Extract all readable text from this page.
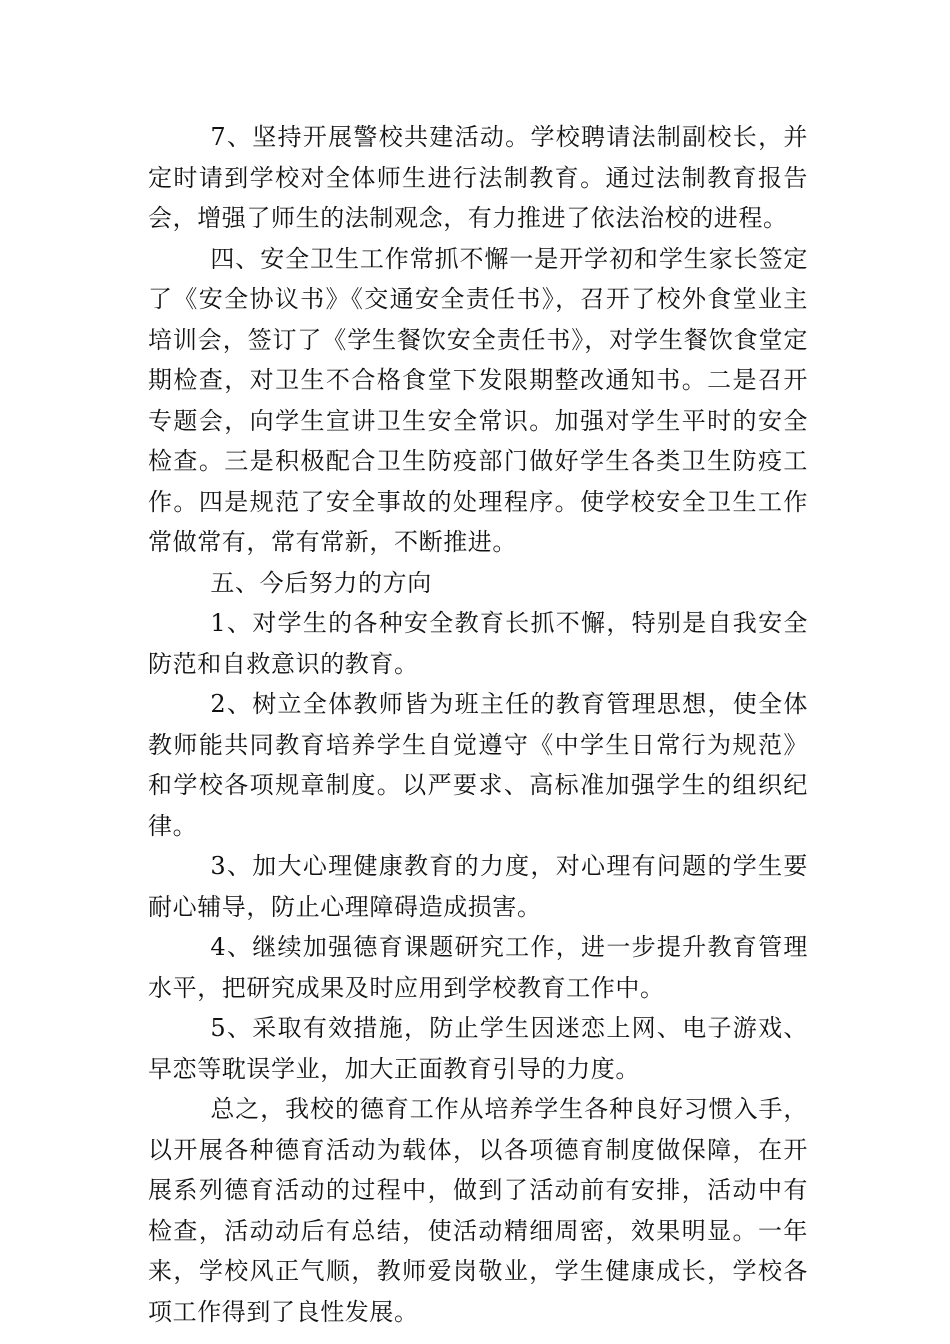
7、坚持开展警校共建活动。学校聘请法制副校长，并定时请到学校对全体师生进行法制教育。通过法制教育报告会，增强了师生的法制观念，有力推进了依法治校的进程。

四、安全卫生工作常抓不懈一是开学初和学生家长签定了《安全协议书》《交通安全责任书》，召开了校外食堂业主培训会，签订了《学生餐饮安全责任书》，对学生餐饮食堂定期检查，对卫生不合格食堂下发限期整改通知书。二是召开专题会，向学生宣讲卫生安全常识。加强对学生平时的安全检查。三是积极配合卫生防疫部门做好学生各类卫生防疫工作。四是规范了安全事故的处理程序。使学校安全卫生工作常做常有，常有常新，不断推进。

五、今后努力的方向

1、对学生的各种安全教育长抓不懈，特别是自我安全防范和自救意识的教育。

2、树立全体教师皆为班主任的教育管理思想，使全体教师能共同教育培养学生自觉遵守《中学生日常行为规范》和学校各项规章制度。以严要求、高标准加强学生的组织纪律。

3、加大心理健康教育的力度，对心理有问题的学生要耐心辅导，防止心理障碍造成损害。

4、继续加强德育课题研究工作，进一步提升教育管理水平，把研究成果及时应用到学校教育工作中。

5、采取有效措施，防止学生因迷恋上网、电子游戏、早恋等耽误学业，加大正面教育引导的力度。

总之，我校的德育工作从培养学生各种良好习惯入手，以开展各种德育活动为载体，以各项德育制度做保障，在开展系列德育活动的过程中，做到了活动前有安排，活动中有检查，活动动后有总结，使活动精细周密，效果明显。一年来，学校风正气顺，教师爱岗敬业，学生健康成长，学校各项工作得到了良性发展。
